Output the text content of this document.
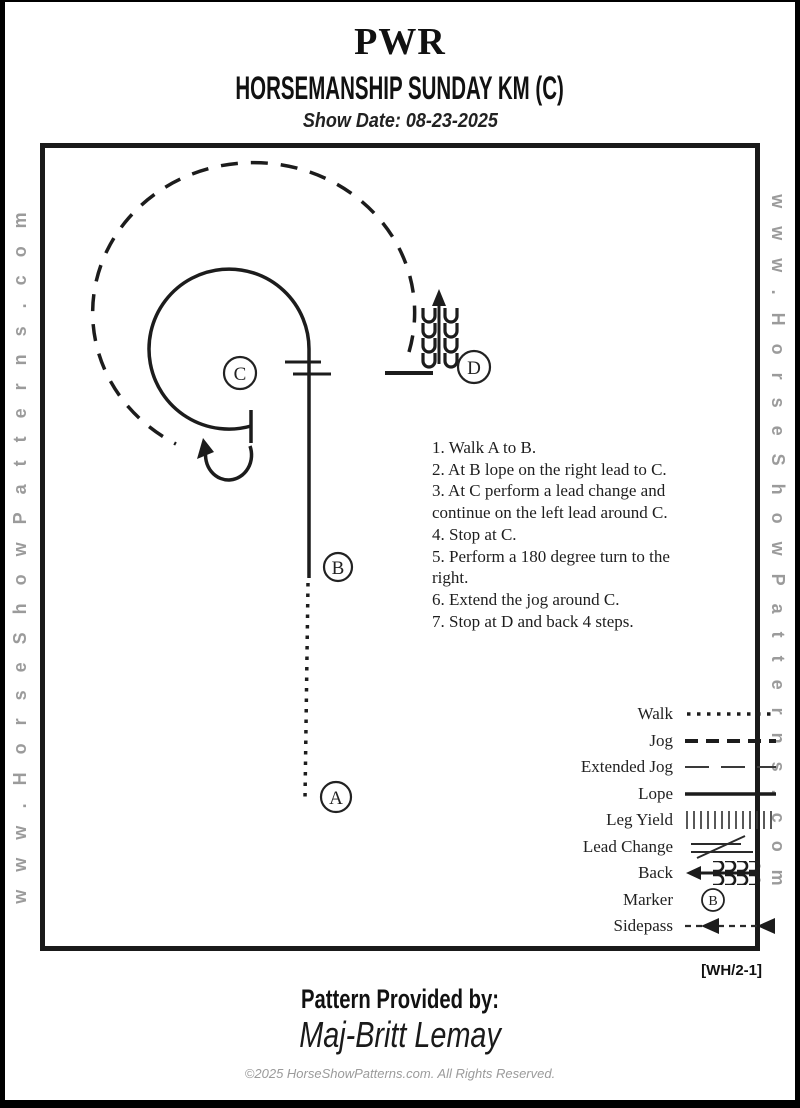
www.HorseShowPatterns.com	www.HorseShowPatterns.com
PWR
HORSEMANSHIP SUNDAY KM (C)
Show Date: 08-23-2025
C	D
B
A
1. Walk A to B.
2. At B lope on the right lead to C.
3. At C perform a lead change and continue on the left lead around C.
4. Stop at C.
5. Perform a 180 degree turn to the right.
6. Extend the jog around C.
7. Stop at D and back 4 steps.
Walk
Jog
Extended Jog
Lope
Leg Yield
Lead Change
Back
Marker	B
Sidepass
[WH/2-1]
Pattern Provided by:
Maj-Britt Lemay
©2025 HorseShowPatterns.com. All Rights Reserved.
